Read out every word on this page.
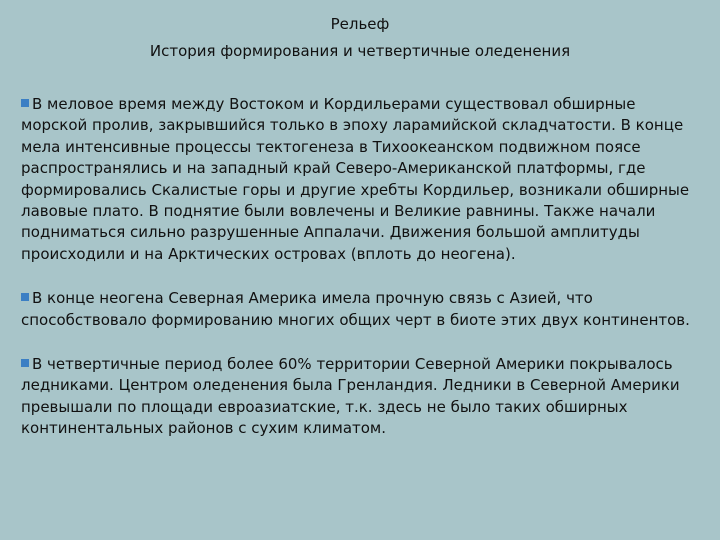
Рельеф
История формирования и четвертичные оледенения
В меловое время между Востоком и Кордильерами существовал обширные морской пролив, закрывшийся только в эпоху ларамийской складчатости. В конце мела интенсивные процессы тектогенеза в Тихоокеанском подвижном поясе распространялись и на западный край Северо-Американской платформы, где формировались Скалистые горы и другие хребты Кордильер, возникали обширные лавовые плато. В поднятие были вовлечены и Великие равнины. Также начали подниматься сильно разрушенные Аппалачи. Движения большой амплитуды происходили и на Арктических островах (вплоть до неогена).
В конце неогена Северная Америка имела прочную связь с Азией, что способствовало формированию многих общих черт в биоте этих двух континентов.
В четвертичные период более 60% территории Северной Америки покрывалось ледниками. Центром оледенения была Гренландия. Ледники в Северной Америки превышали по площади евроазиатские, т.к. здесь не было таких обширных континентальных районов с сухим климатом.
